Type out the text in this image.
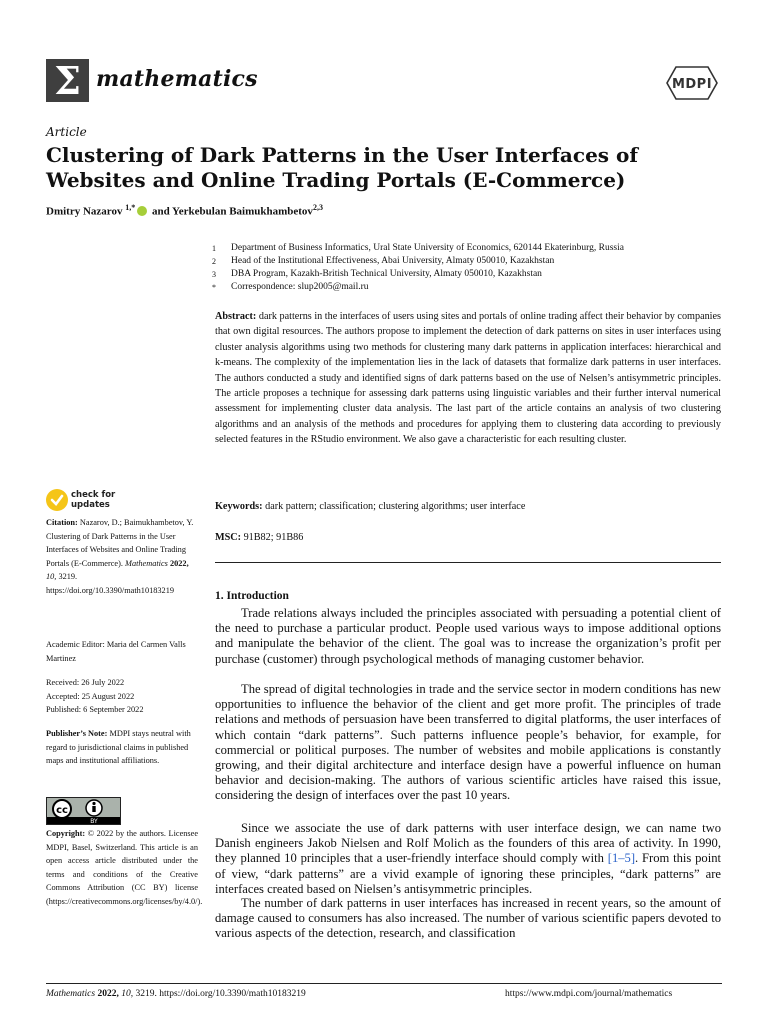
Σ mathematics	MDPI
Article
Clustering of Dark Patterns in the User Interfaces of Websites and Online Trading Portals (E-Commerce)
Dmitry Nazarov $^{1,*}$ and Yerkebulan Baimukhambetov$^{2,3}$
1	Department of Business Informatics, Ural State University of Economics, 620144 Ekaterinburg, Russia
2	Head of the Institutional Effectiveness, Abai University, Almaty 050010, Kazakhstan
3	DBA Program, Kazakh-British Technical University, Almaty 050010, Kazakhstan
*	Correspondence: slup2005@mail.ru
Abstract: dark patterns in the interfaces of users using sites and portals of online trading affect their behavior by companies that own digital resources. The authors propose to implement the detection of dark patterns on sites in user interfaces using cluster analysis algorithms using two methods for clustering many dark patterns in application interfaces: hierarchical and k-means. The complexity of the implementation lies in the lack of datasets that formalize dark patterns in user interfaces. The authors conducted a study and identified signs of dark patterns based on the use of Nelsen’s antisymmetric principles. The article proposes a technique for assessing dark patterns using linguistic variables and their further interval numerical assessment for implementing cluster data analysis. The last part of the article contains an analysis of two clustering algorithms and an analysis of the methods and procedures for applying them to clustering data according to previously selected features in the RStudio environment. We also gave a characteristic for each resulting cluster.
Keywords: dark pattern; classification; clustering algorithms; user interface
MSC: 91B82; 91B86
1. Introduction
Trade relations always included the principles associated with persuading a potential client of the need to purchase a particular product. People used various ways to impose additional options and manipulate the behavior of the client. The goal was to increase the organization’s profit per purchase (customer) through psychological methods of managing customer behavior.
The spread of digital technologies in trade and the service sector in modern conditions has new opportunities to influence the behavior of the client and get more profit. The principles of trade relations and methods of persuasion have been transferred to digital platforms, the user interfaces of which contain “dark patterns”. Such patterns influence people’s behavior, for example, for commercial or political purposes. The number of websites and mobile applications is constantly growing, and their digital architecture and interface design have a powerful influence on human behavior and decision-making. The authors of various scientific articles have raised this issue, considering the design of interfaces over the past 10 years.
Since we associate the use of dark patterns with user interface design, we can name two Danish engineers Jakob Nielsen and Rolf Molich as the founders of this area of activity. In 1990, they planned 10 principles that a user-friendly interface should comply with [1–5]. From this point of view, “dark patterns” are a vivid example of ignoring these principles, “dark patterns” are interfaces created based on Nielsen’s antisymmetric principles.
The number of dark patterns in user interfaces has increased in recent years, so the amount of damage caused to consumers has also increased. The number of various scientific papers devoted to various aspects of the detection, research, and classification
check for
updates
Citation: Nazarov, D.; Baimukhambetov, Y. Clustering of Dark Patterns in the User Interfaces of Websites and Online Trading Portals (E-Commerce). Mathematics 2022, 10, 3219. https://doi.org/10.3390/math10183219
Academic Editor: Maria del Carmen Valls Martinez
Received: 26 July 2022
Accepted: 25 August 2022
Published: 6 September 2022
Publisher’s Note: MDPI stays neutral with regard to jurisdictional claims in published maps and institutional affiliations.
cc
BY
Copyright: © 2022 by the authors. Licensee MDPI, Basel, Switzerland. This article is an open access article distributed under the terms and conditions of the Creative Commons Attribution (CC BY) license (https://creativecommons.org/licenses/by/4.0/).
Mathematics 2022, 10, 3219. https://doi.org/10.3390/math10183219	https://www.mdpi.com/journal/mathematics
